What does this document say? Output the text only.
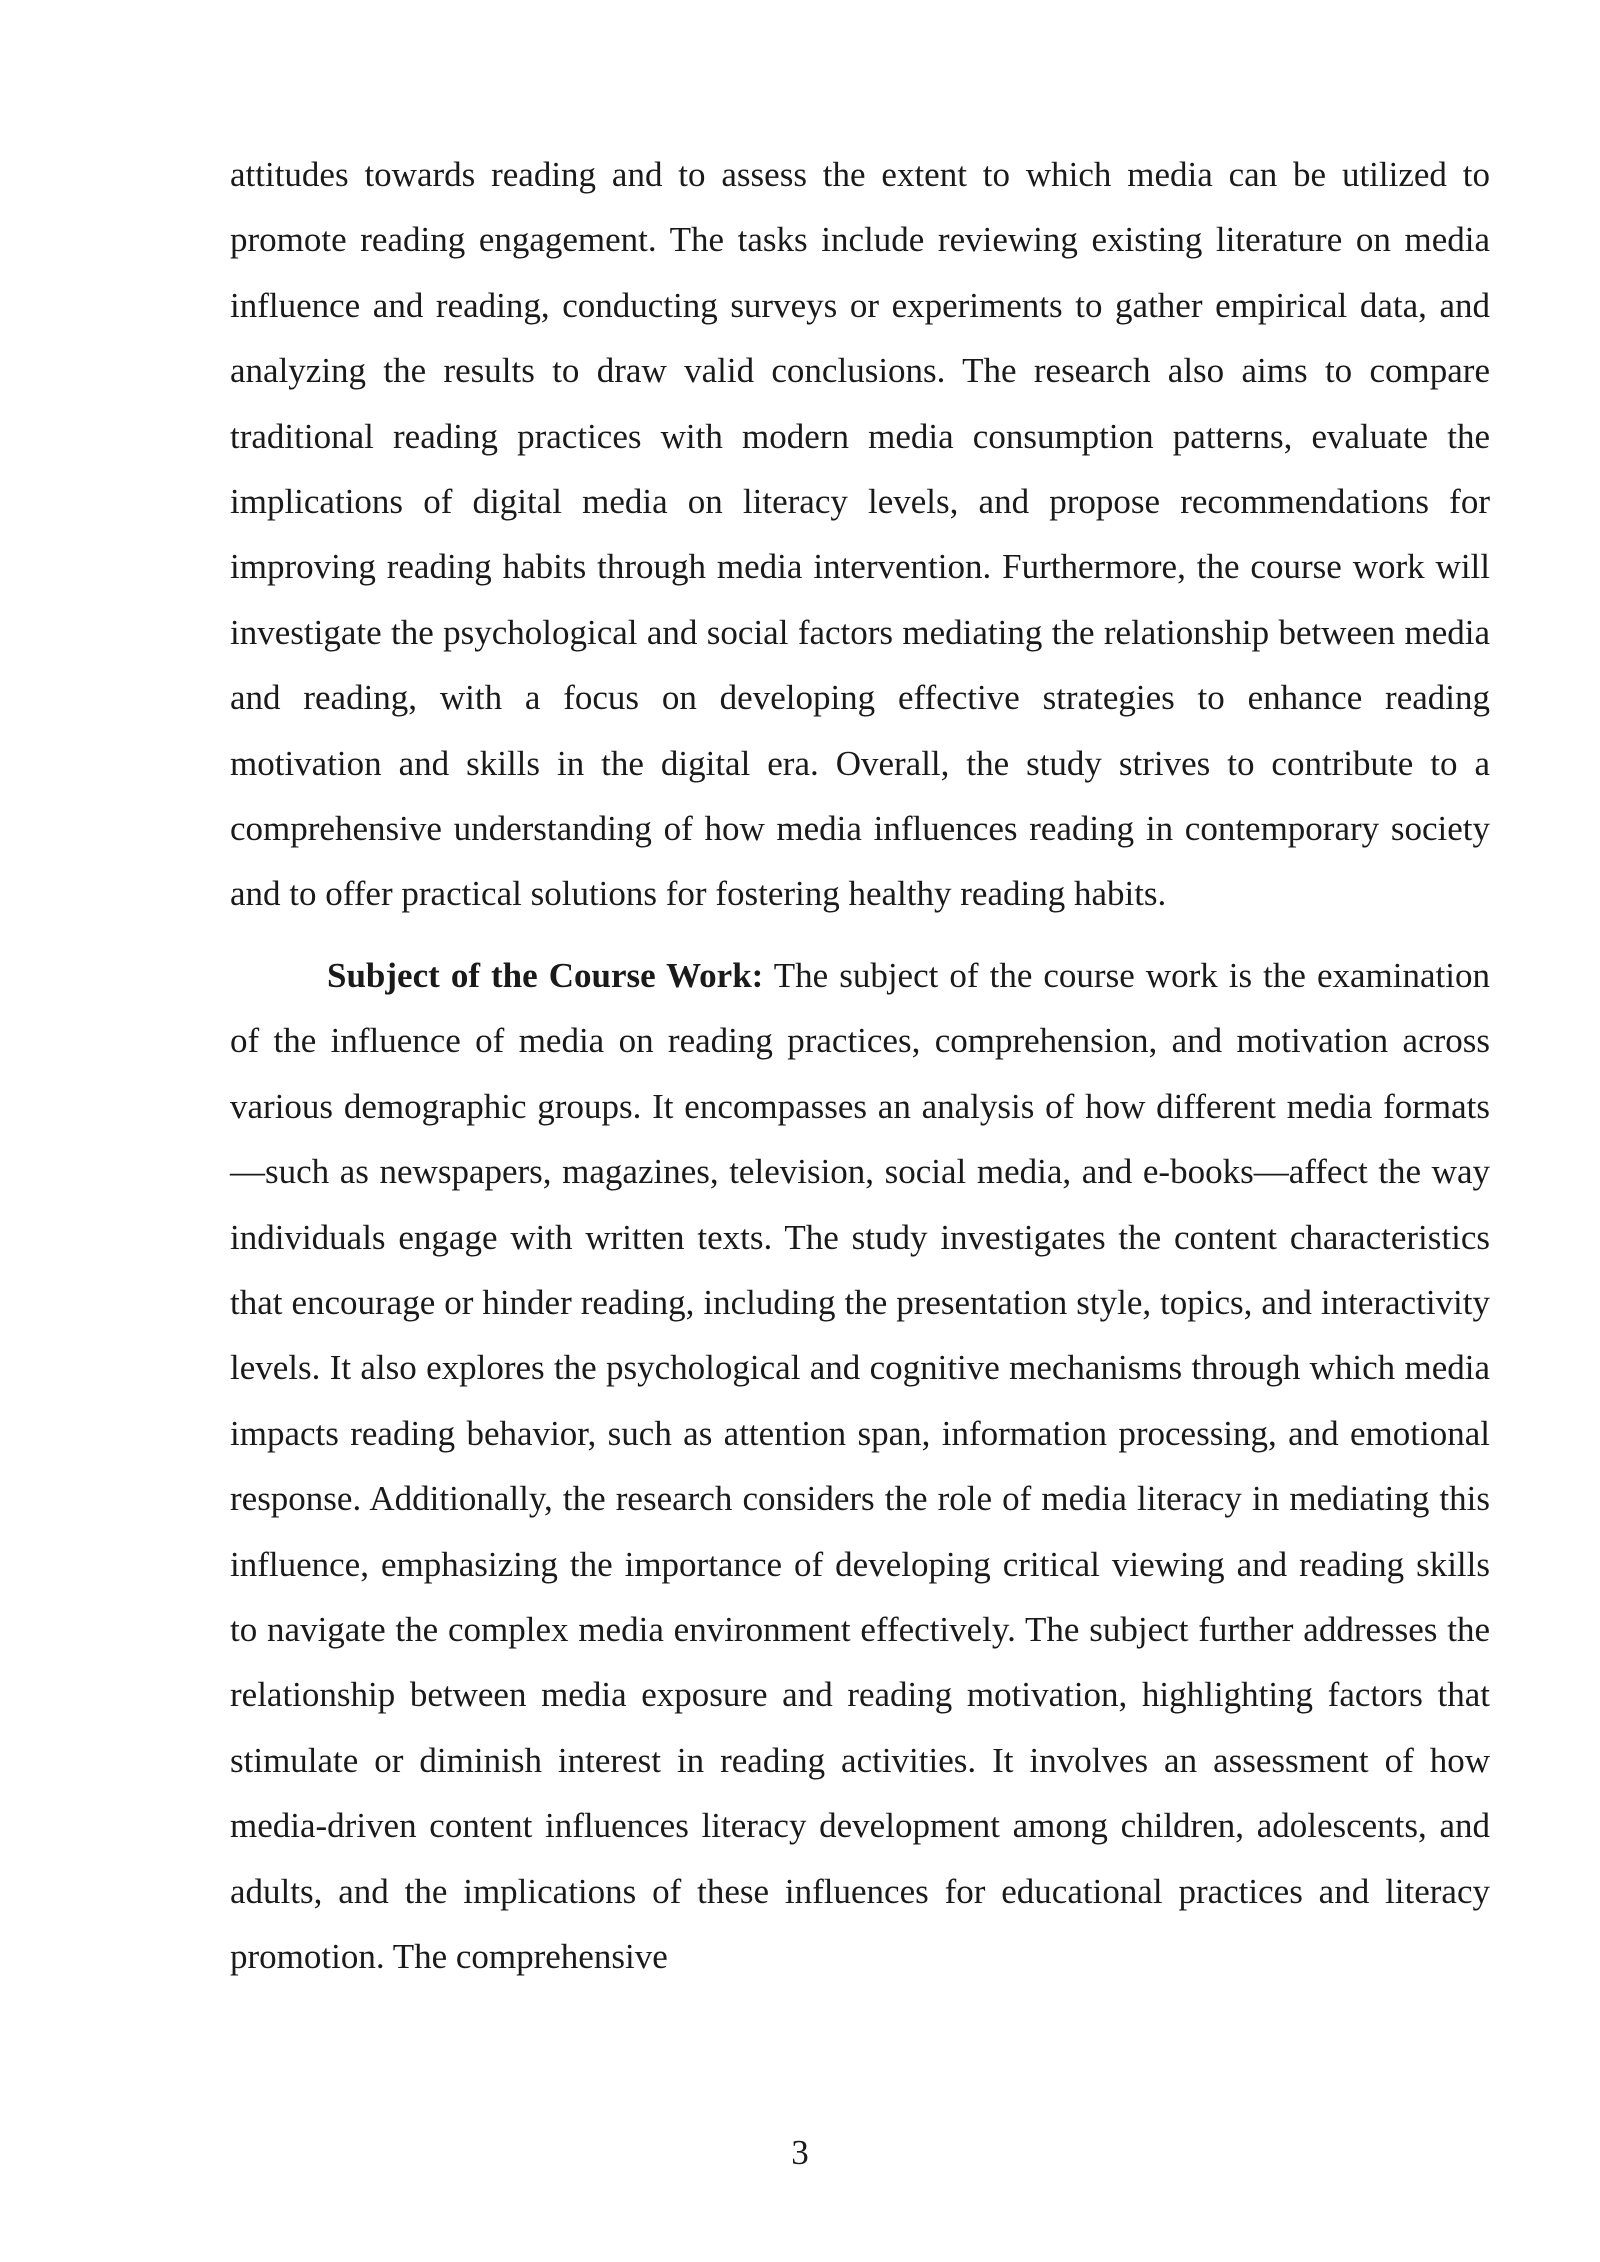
attitudes towards reading and to assess the extent to which media can be utilized to promote reading engagement. The tasks include reviewing existing literature on media influence and reading, conducting surveys or experiments to gather empirical data, and analyzing the results to draw valid conclusions. The research also aims to compare traditional reading practices with modern media consumption patterns, evaluate the implications of digital media on literacy levels, and propose recommendations for improving reading habits through media intervention. Furthermore, the course work will investigate the psychological and social factors mediating the relationship between media and reading, with a focus on developing effective strategies to enhance reading motivation and skills in the digital era. Overall, the study strives to contribute to a comprehensive understanding of how media influences reading in contemporary society and to offer practical solutions for fostering healthy reading habits.

Subject of the Course Work: The subject of the course work is the examination of the influence of media on reading practices, comprehension, and motivation across various demographic groups. It encompasses an analysis of how different media formats—such as newspapers, magazines, television, social media, and e-books—affect the way individuals engage with written texts. The study investigates the content characteristics that encourage or hinder reading, including the presentation style, topics, and interactivity levels. It also explores the psychological and cognitive mechanisms through which media impacts reading behavior, such as attention span, information processing, and emotional response. Additionally, the research considers the role of media literacy in mediating this influence, emphasizing the importance of developing critical viewing and reading skills to navigate the complex media environment effectively. The subject further addresses the relationship between media exposure and reading motivation, highlighting factors that stimulate or diminish interest in reading activities. It involves an assessment of how media-driven content influences literacy development among children, adolescents, and adults, and the implications of these influences for educational practices and literacy promotion. The comprehensive

3
